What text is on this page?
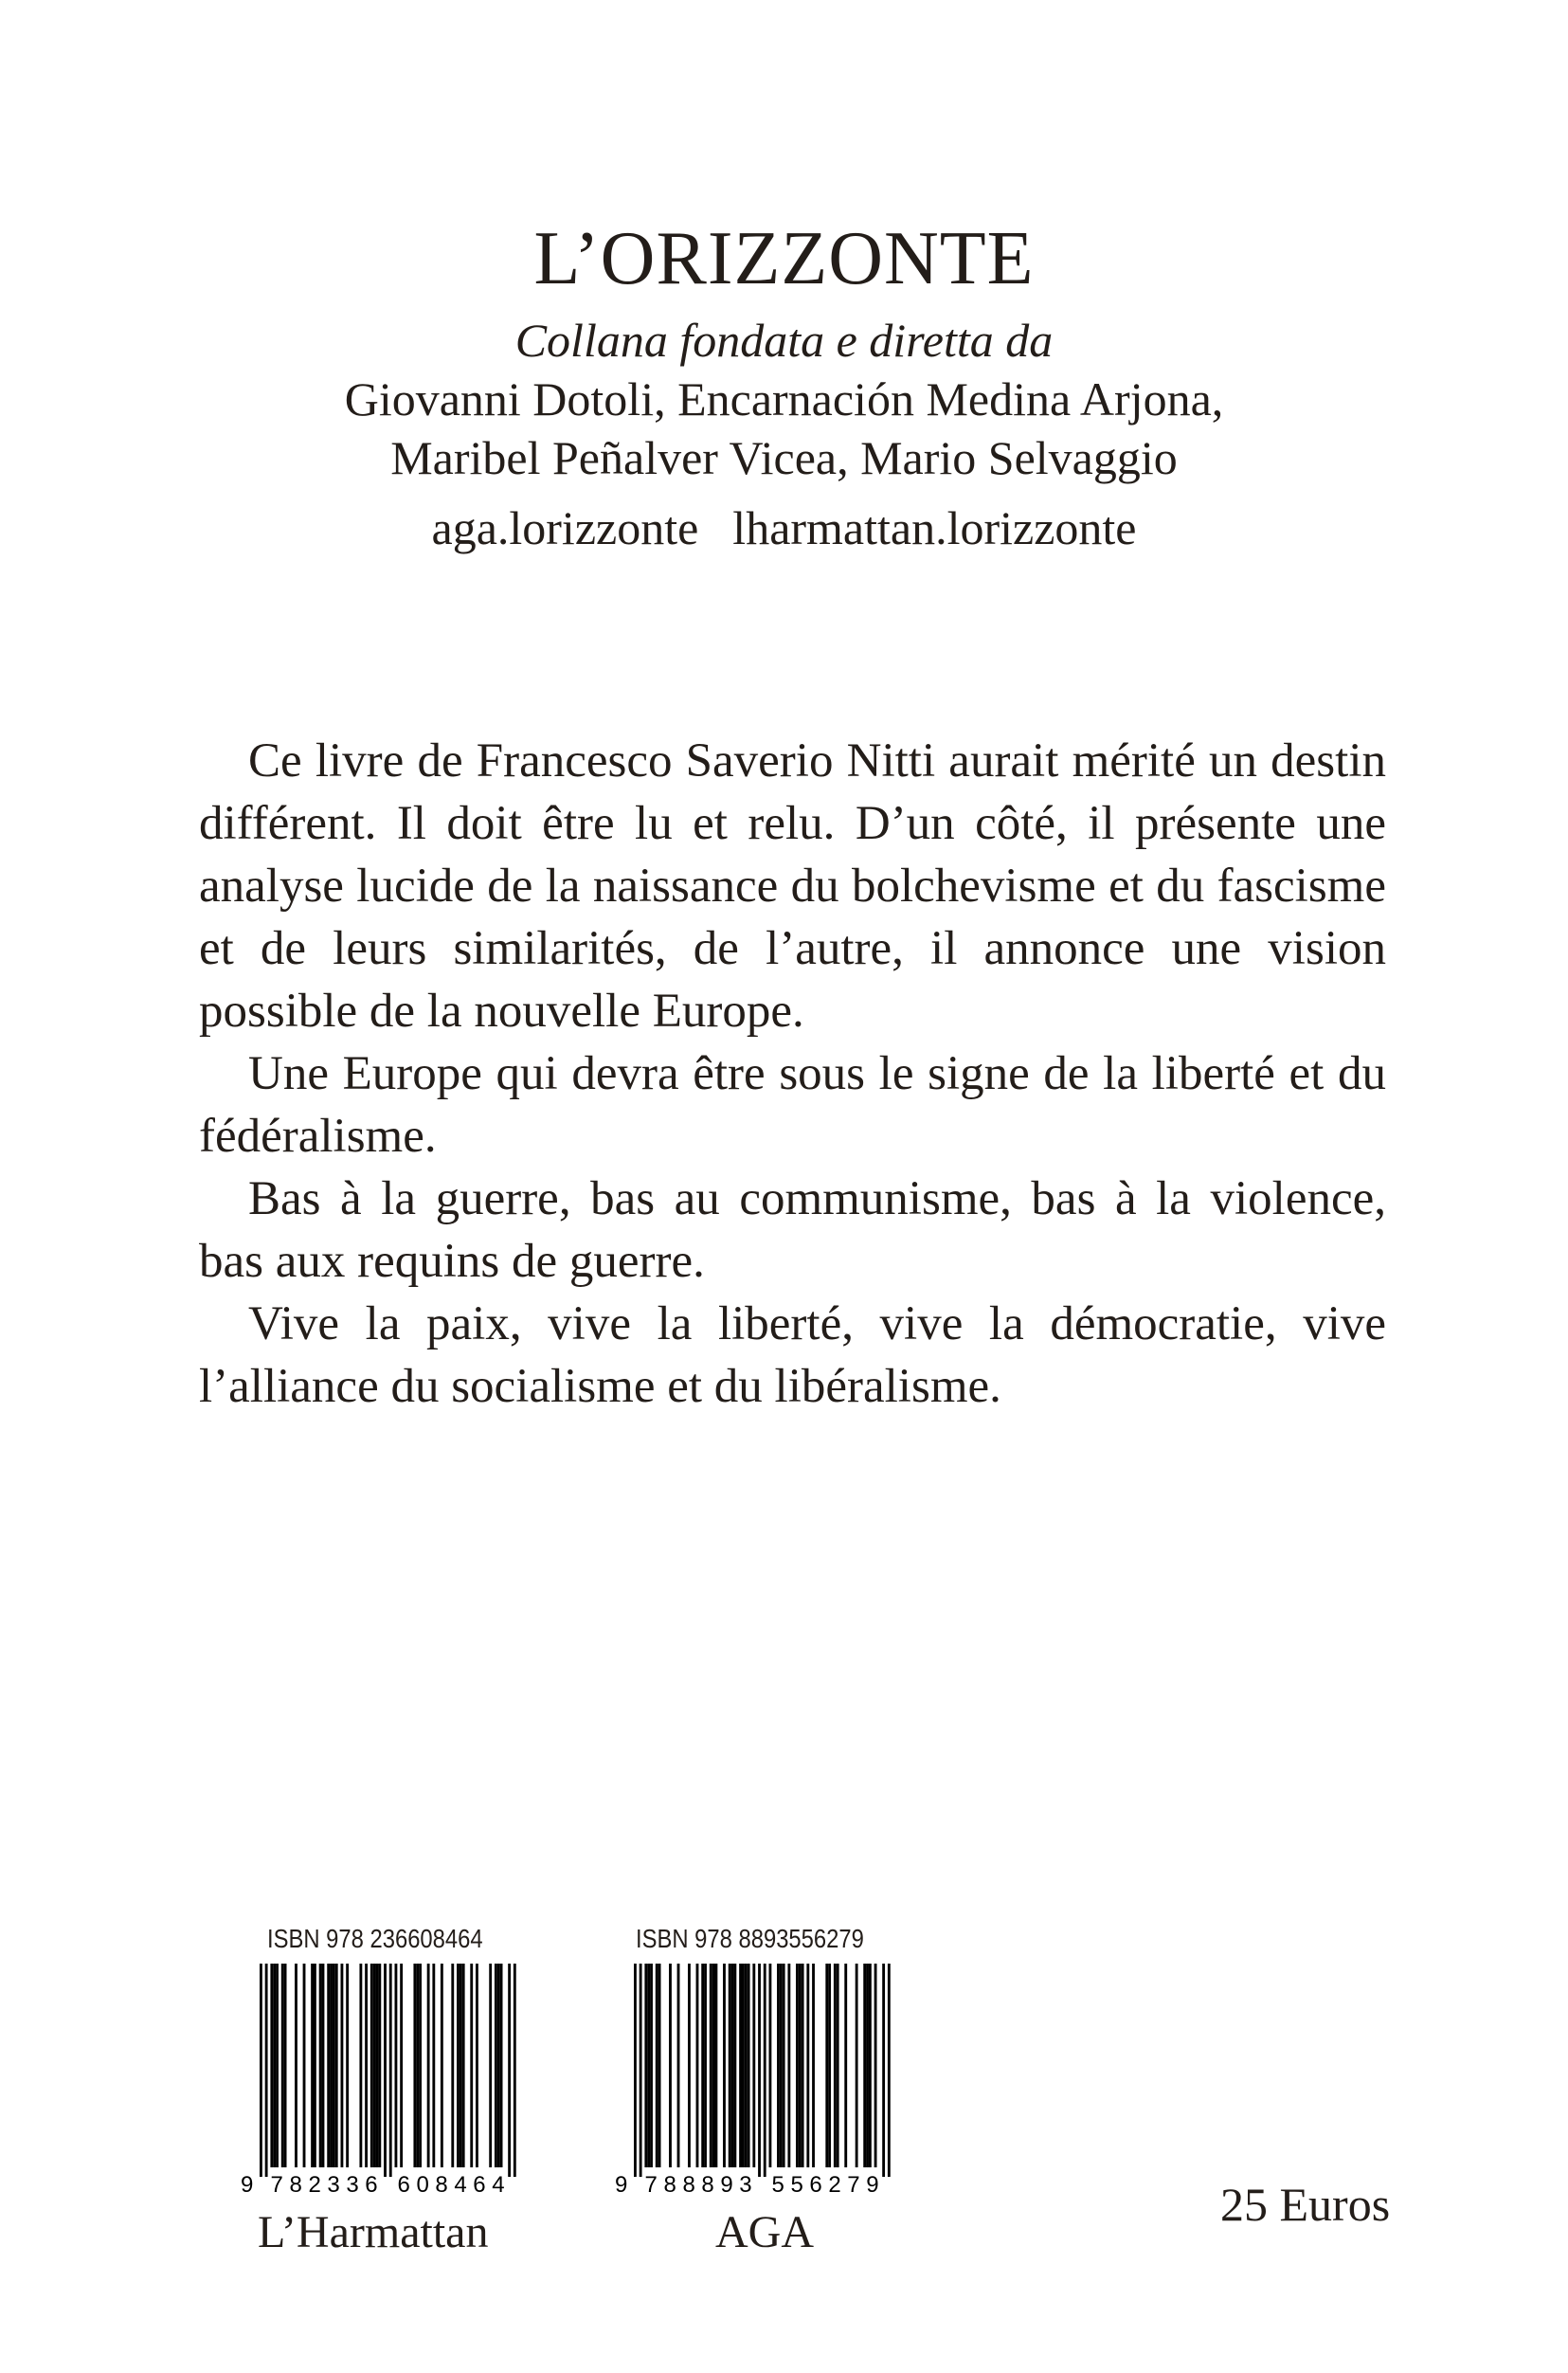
L’ORIZZONTE
Collana fondata e diretta da
Giovanni Dotoli, Encarnación Medina Arjona,
Maribel Peñalver Vicea, Mario Selvaggio
aga.lorizzonte lharmattan.lorizzonte

Ce livre de Francesco Saverio Nitti aurait mérité un destin différent. Il doit être lu et relu. D’un côté, il présente une analyse lucide de la naissance du bolchevisme et du fascisme et de leurs similarités, de l’autre, il annonce une vision possible de la nouvelle Europe.

Une Europe qui devra être sous le signe de la liberté et du fédéralisme.

Bas à la guerre, bas au communisme, bas à la violence, bas aux requins de guerre.

Vive la paix, vive la liberté, vive la démocratie, vive l’alliance du socialisme et du libéralisme.

ISBN 978 236608464
9 7 8 2 3 3 6 6 0 8 4 6 4
L’Harmattan
ISBN 978 8893556279
9 7 8 8 8 9 3 5 5 6 2 7 9
AGA
25 Euros
